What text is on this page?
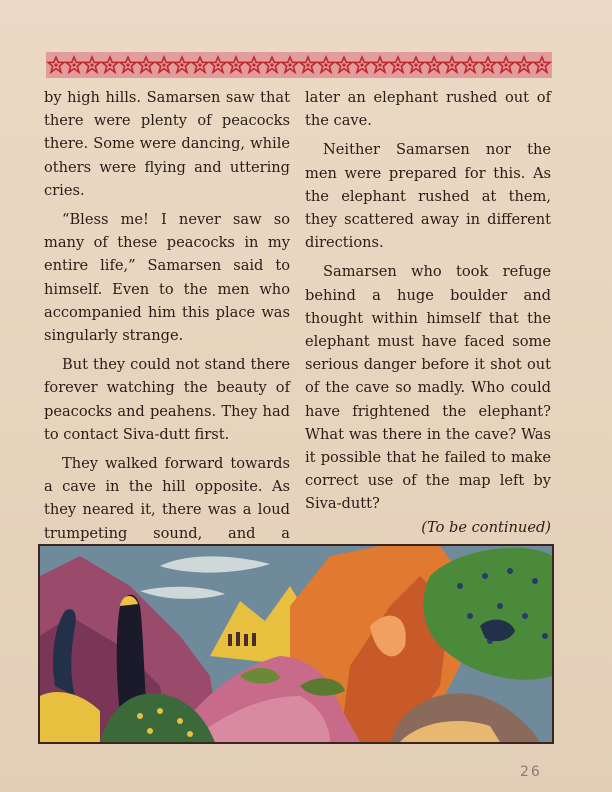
by high hills. Samarsen saw that there were plenty of peacocks there. Some were dancing, while others were flying and uttering cries.

“Bless me! I never saw so many of these peacocks in my entire life,” Samarsen said to himself. Even to the men who accompanied him this place was singularly strange.

But they could not stand there forever watching the beauty of peacocks and peahens. They had to contact Siva-dutt first.

They walked forward towards a cave in the hill opposite. As they neared it, there was a loud trumpeting sound, and a

later an elephant rushed out of the cave.

Neither Samarsen nor the men were prepared for this. As the elephant rushed at them, they scattered away in different directions.

Samarsen who took refuge behind a huge boulder and thought within himself that the elephant must have faced some serious danger before it shot out of the cave so madly. Who could have frightened the elephant? What was there in the cave? Was it possible that he failed to make correct use of the map left by Siva-dutt?

(To be continued)

26
